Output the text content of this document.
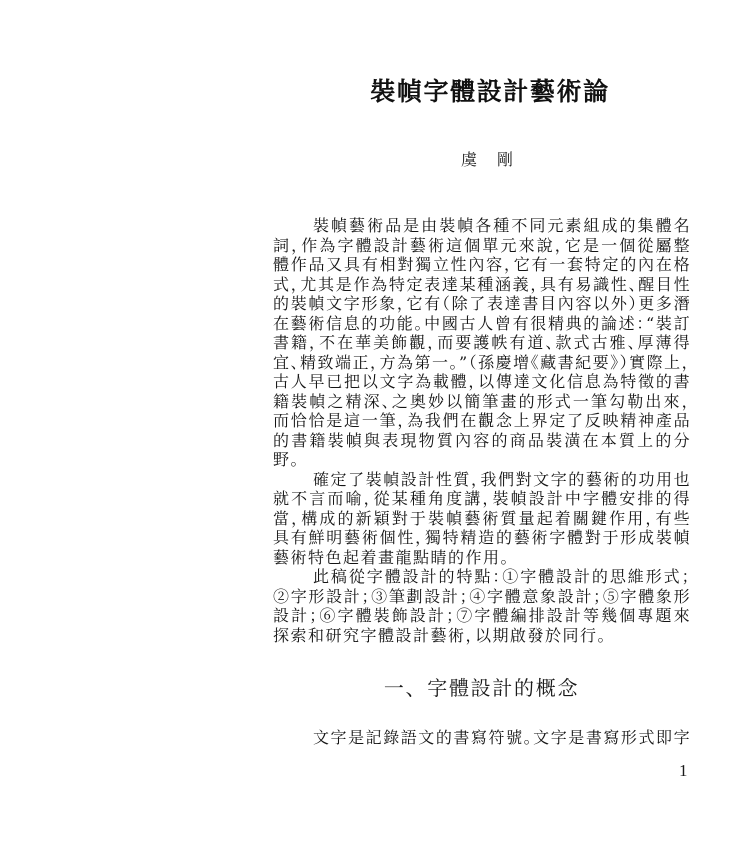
裝幀字體設計藝術論
虞 剛
裝幀藝術品是由裝幀各種不同元素組成的集體名
詞，作為字體設計藝術這個單元來說，它是一個從屬整
體作品又具有相對獨立性內容，它有一套特定的內在格
式，尤其是作為特定表達某種涵義，具有易識性、醒目性
的裝幀文字形象，它有（除了表達書目內容以外）更多潛
在藝術信息的功能。中國古人曾有很精典的論述：“裝訂
書籍，不在華美飾觀，而要護帙有道、款式古雅、厚薄得
宜、精致端正，方為第一。”（孫慶增《藏書紀要》）實際上，
古人早已把以文字為載體，以傳達文化信息為特徵的書
籍裝幀之精深、之奧妙以簡筆畫的形式一筆勾勒出來，
而恰恰是這一筆，為我們在觀念上界定了反映精神產品
的書籍裝幀與表現物質內容的商品裝潢在本質上的分
野。
確定了裝幀設計性質，我們對文字的藝術的功用也
就不言而喻，從某種角度講，裝幀設計中字體安排的得
當，構成的新穎對于裝幀藝術質量起着關鍵作用，有些
具有鮮明藝術個性，獨特精造的藝術字體對于形成裝幀
藝術特色起着畫龍點睛的作用。
此稿從字體設計的特點：①字體設計的思維形式；
②字形設計；③筆劃設計；④字體意象設計；⑤字體象形
設計；⑥字體裝飾設計；⑦字體編排設計等幾個專題來
探索和研究字體設計藝術，以期啟發於同行。
一、字體設計的概念
文字是記錄語文的書寫符號。文字是書寫形式即字
1
